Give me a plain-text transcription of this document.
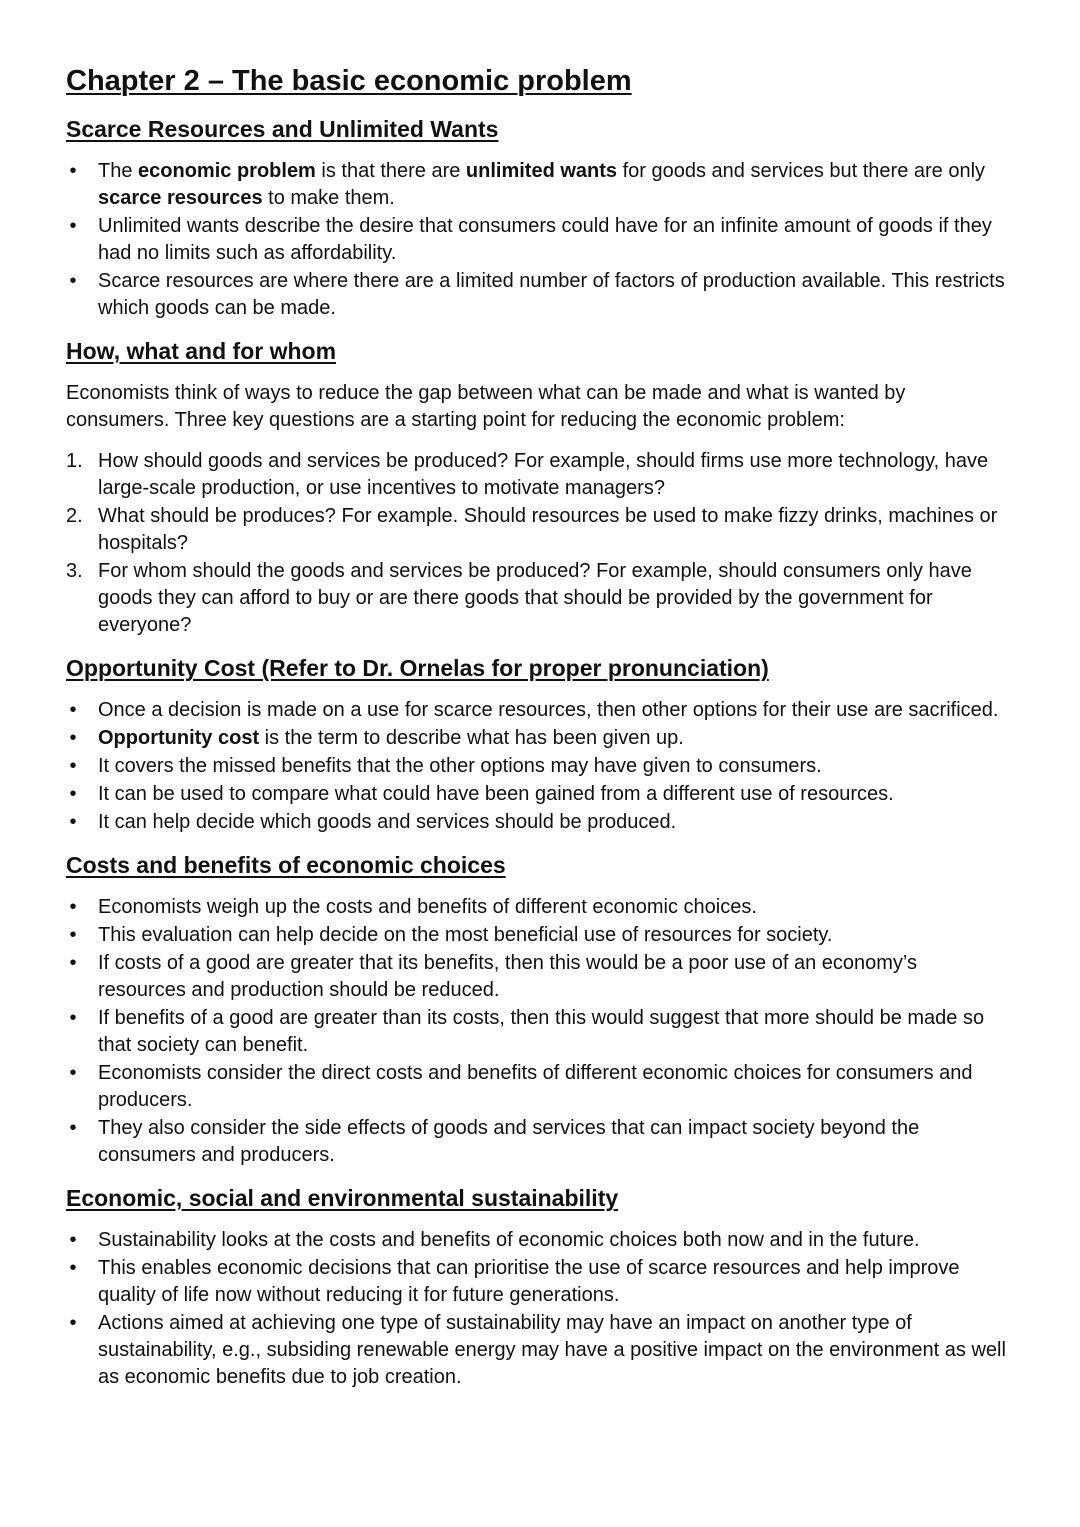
Chapter 2 – The basic economic problem
Scarce Resources and Unlimited Wants
• The economic problem is that there are unlimited wants for goods and services but there are only scarce resources to make them.
• Unlimited wants describe the desire that consumers could have for an infinite amount of goods if they had no limits such as affordability.
• Scarce resources are where there are a limited number of factors of production available. This restricts which goods can be made.
How, what and for whom

Economists think of ways to reduce the gap between what can be made and what is wanted by consumers. Three key questions are a starting point for reducing the economic problem:

1. How should goods and services be produced? For example, should firms use more technology, have large-scale production, or use incentives to motivate managers?
2. What should be produces? For example. Should resources be used to make fizzy drinks, machines or hospitals?
3. For whom should the goods and services be produced? For example, should consumers only have goods they can afford to buy or are there goods that should be provided by the government for everyone?
Opportunity Cost (Refer to Dr. Ornelas for proper pronunciation)
• Once a decision is made on a use for scarce resources, then other options for their use are sacrificed.
• Opportunity cost is the term to describe what has been given up.
• It covers the missed benefits that the other options may have given to consumers.
• It can be used to compare what could have been gained from a different use of resources.
• It can help decide which goods and services should be produced.
Costs and benefits of economic choices
• Economists weigh up the costs and benefits of different economic choices.
• This evaluation can help decide on the most beneficial use of resources for society.
• If costs of a good are greater that its benefits, then this would be a poor use of an economy’s resources and production should be reduced.
• If benefits of a good are greater than its costs, then this would suggest that more should be made so that society can benefit.
• Economists consider the direct costs and benefits of different economic choices for consumers and producers.
• They also consider the side effects of goods and services that can impact society beyond the consumers and producers.
Economic, social and environmental sustainability
• Sustainability looks at the costs and benefits of economic choices both now and in the future.
• This enables economic decisions that can prioritise the use of scarce resources and help improve quality of life now without reducing it for future generations.
• Actions aimed at achieving one type of sustainability may have an impact on another type of sustainability, e.g., subsiding renewable energy may have a positive impact on the environment as well as economic benefits due to job creation.
